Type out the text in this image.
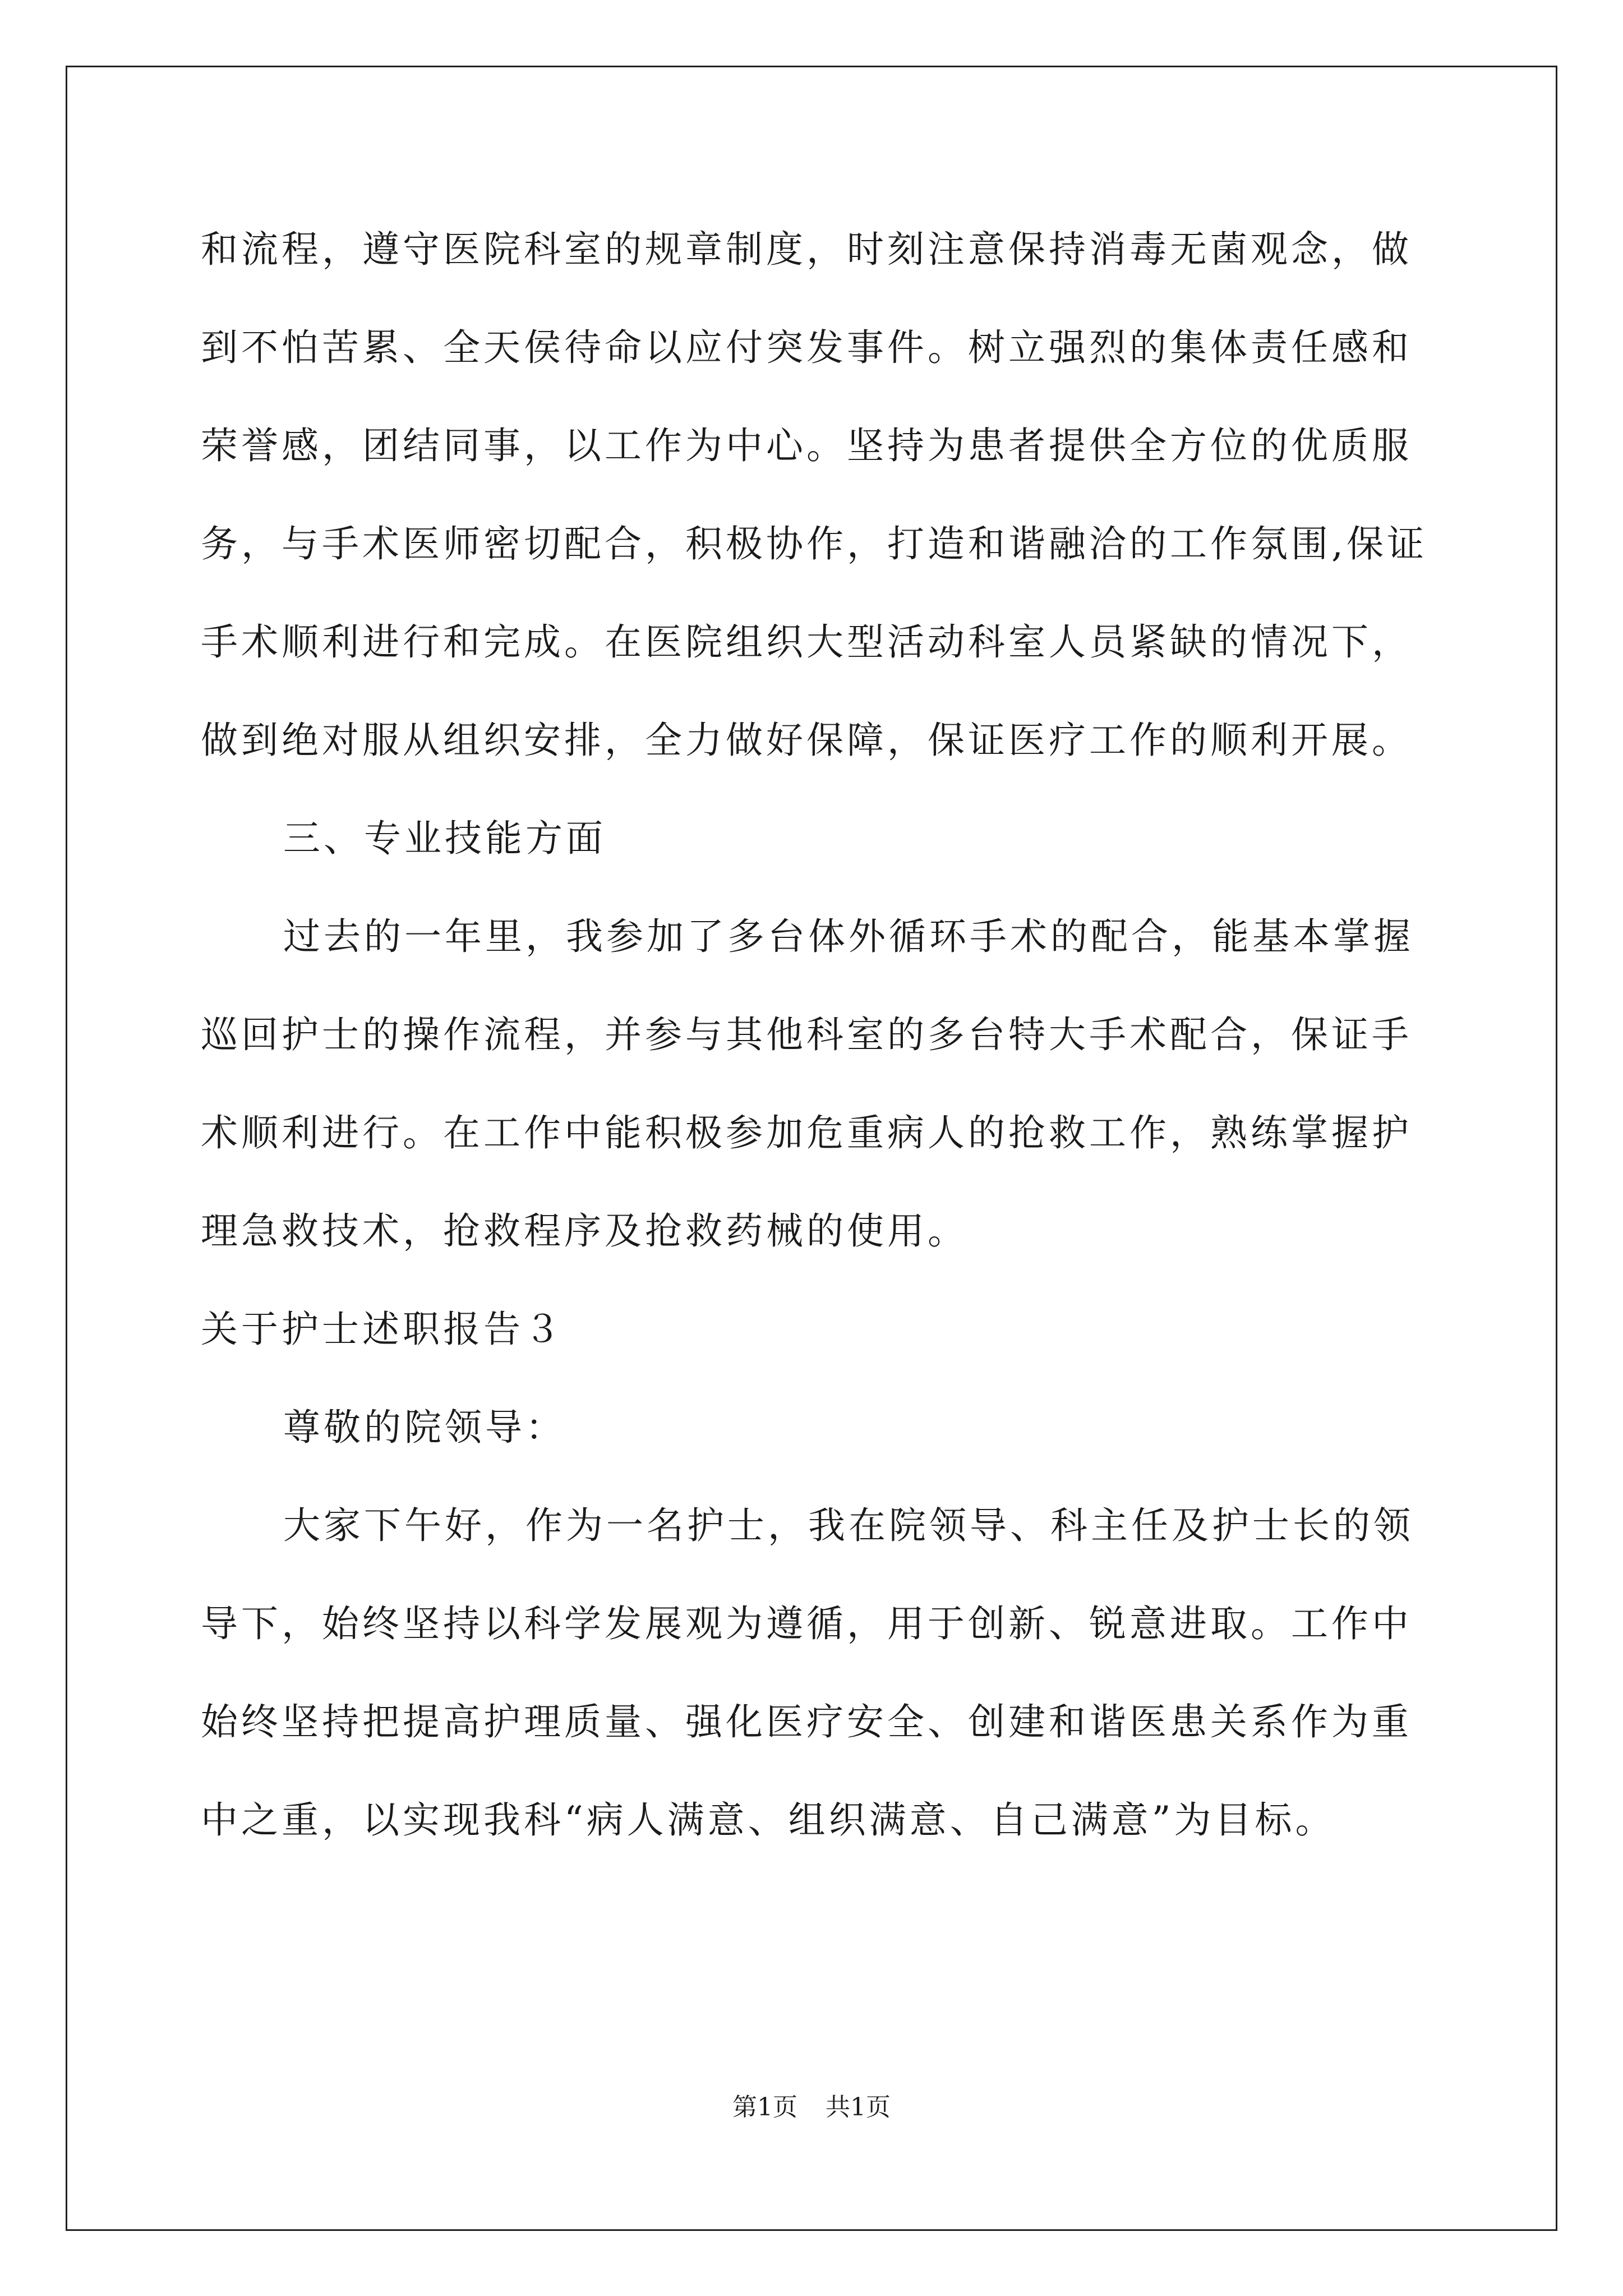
和流程，遵守医院科室的规章制度，时刻注意保持消毒无菌观念，做
到不怕苦累、全天侯待命以应付突发事件。树立强烈的集体责任感和
荣誉感，团结同事，以工作为中心。坚持为患者提供全方位的优质服
务，与手术医师密切配合，积极协作，打造和谐融洽的工作氛围,保证
手术顺利进行和完成。在医院组织大型活动科室人员紧缺的情况下，
做到绝对服从组织安排，全力做好保障，保证医疗工作的顺利开展。
三、专业技能方面
过去的一年里，我参加了多台体外循环手术的配合，能基本掌握
巡回护士的操作流程，并参与其他科室的多台特大手术配合，保证手
术顺利进行。在工作中能积极参加危重病人的抢救工作，熟练掌握护
理急救技术，抢救程序及抢救药械的使用。
关于护士述职报告３
尊敬的院领导：
大家下午好，作为一名护士，我在院领导、科主任及护士长的领
导下，始终坚持以科学发展观为遵循，用于创新、锐意进取。工作中
始终坚持把提高护理质量、强化医疗安全、创建和谐医患关系作为重
中之重，以实现我科“病人满意、组织满意、自己满意”为目标。
第1页 共1页
